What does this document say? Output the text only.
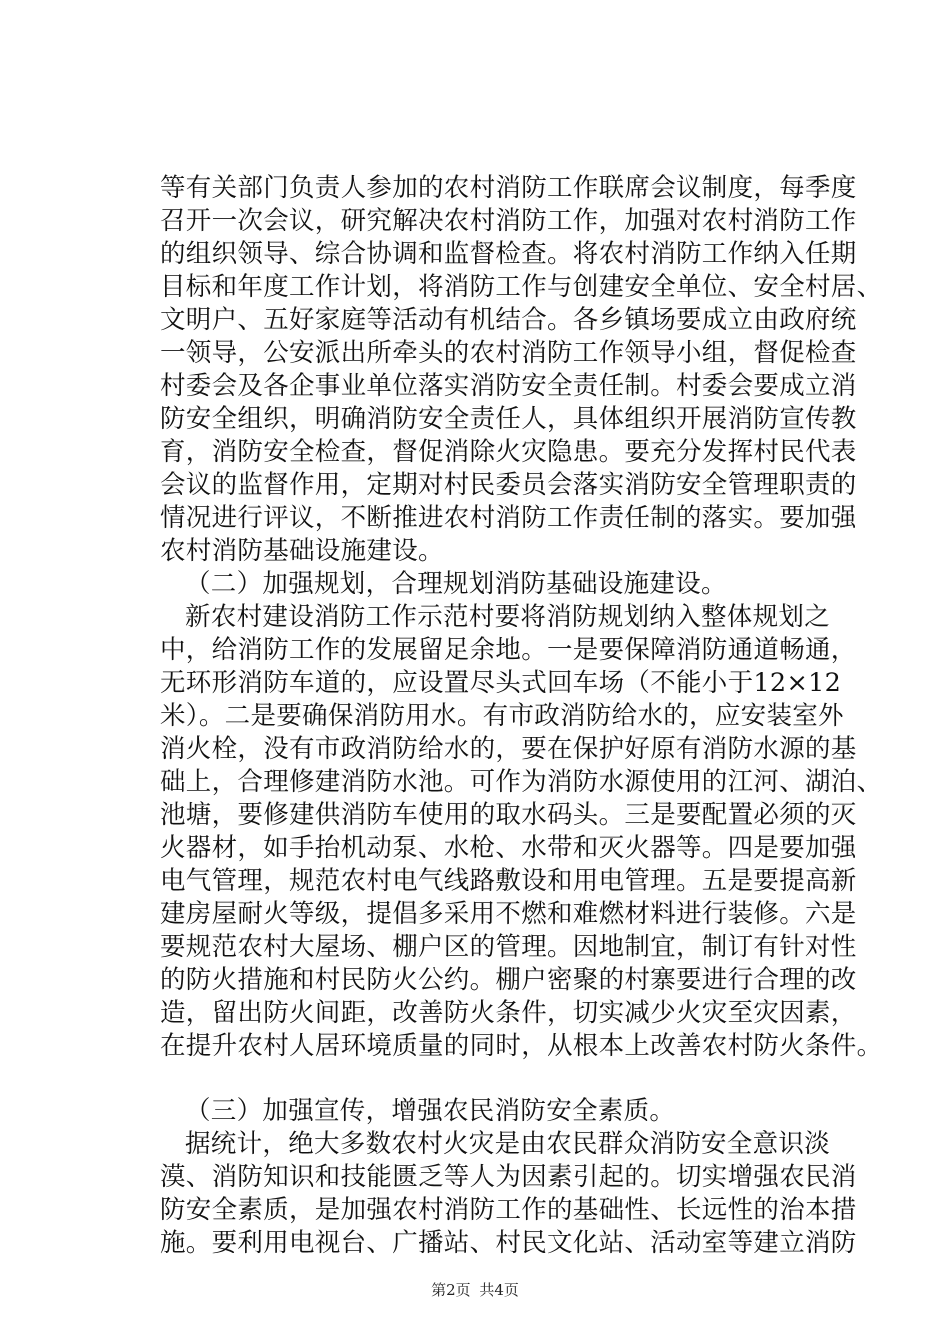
等有关部门负责人参加的农村消防工作联席会议制度，每季度
召开一次会议，研究解决农村消防工作，加强对农村消防工作
的组织领导、综合协调和监督检查。将农村消防工作纳入任期
目标和年度工作计划，将消防工作与创建安全单位、安全村居、
文明户、五好家庭等活动有机结合。各乡镇场要成立由政府统
一领导，公安派出所牵头的农村消防工作领导小组，督促检查
村委会及各企事业单位落实消防安全责任制。村委会要成立消
防安全组织，明确消防安全责任人，具体组织开展消防宣传教
育，消防安全检查，督促消除火灾隐患。要充分发挥村民代表
会议的监督作用，定期对村民委员会落实消防安全管理职责的
情况进行评议，不断推进农村消防工作责任制的落实。要加强
农村消防基础设施建设。
（二）加强规划，合理规划消防基础设施建设。
新农村建设消防工作示范村要将消防规划纳入整体规划之
中，给消防工作的发展留足余地。一是要保障消防通道畅通，
无环形消防车道的，应设置尽头式回车场（不能小于12×12
米）。二是要确保消防用水。有市政消防给水的，应安装室外
消火栓，没有市政消防给水的，要在保护好原有消防水源的基
础上，合理修建消防水池。可作为消防水源使用的江河、湖泊、
池塘，要修建供消防车使用的取水码头。三是要配置必须的灭
火器材，如手抬机动泵、水枪、水带和灭火器等。四是要加强
电气管理，规范农村电气线路敷设和用电管理。五是要提高新
建房屋耐火等级，提倡多采用不燃和难燃材料进行装修。六是
要规范农村大屋场、棚户区的管理。因地制宜，制订有针对性
的防火措施和村民防火公约。棚户密聚的村寨要进行合理的改
造，留出防火间距，改善防火条件，切实减少火灾至灾因素，
在提升农村人居环境质量的同时，从根本上改善农村防火条件。
（三）加强宣传，增强农民消防安全素质。
据统计，绝大多数农村火灾是由农民群众消防安全意识淡
漠、消防知识和技能匮乏等人为因素引起的。切实增强农民消
防安全素质，是加强农村消防工作的基础性、长远性的治本措
施。要利用电视台、广播站、村民文化站、活动室等建立消防
第2页 共4页
